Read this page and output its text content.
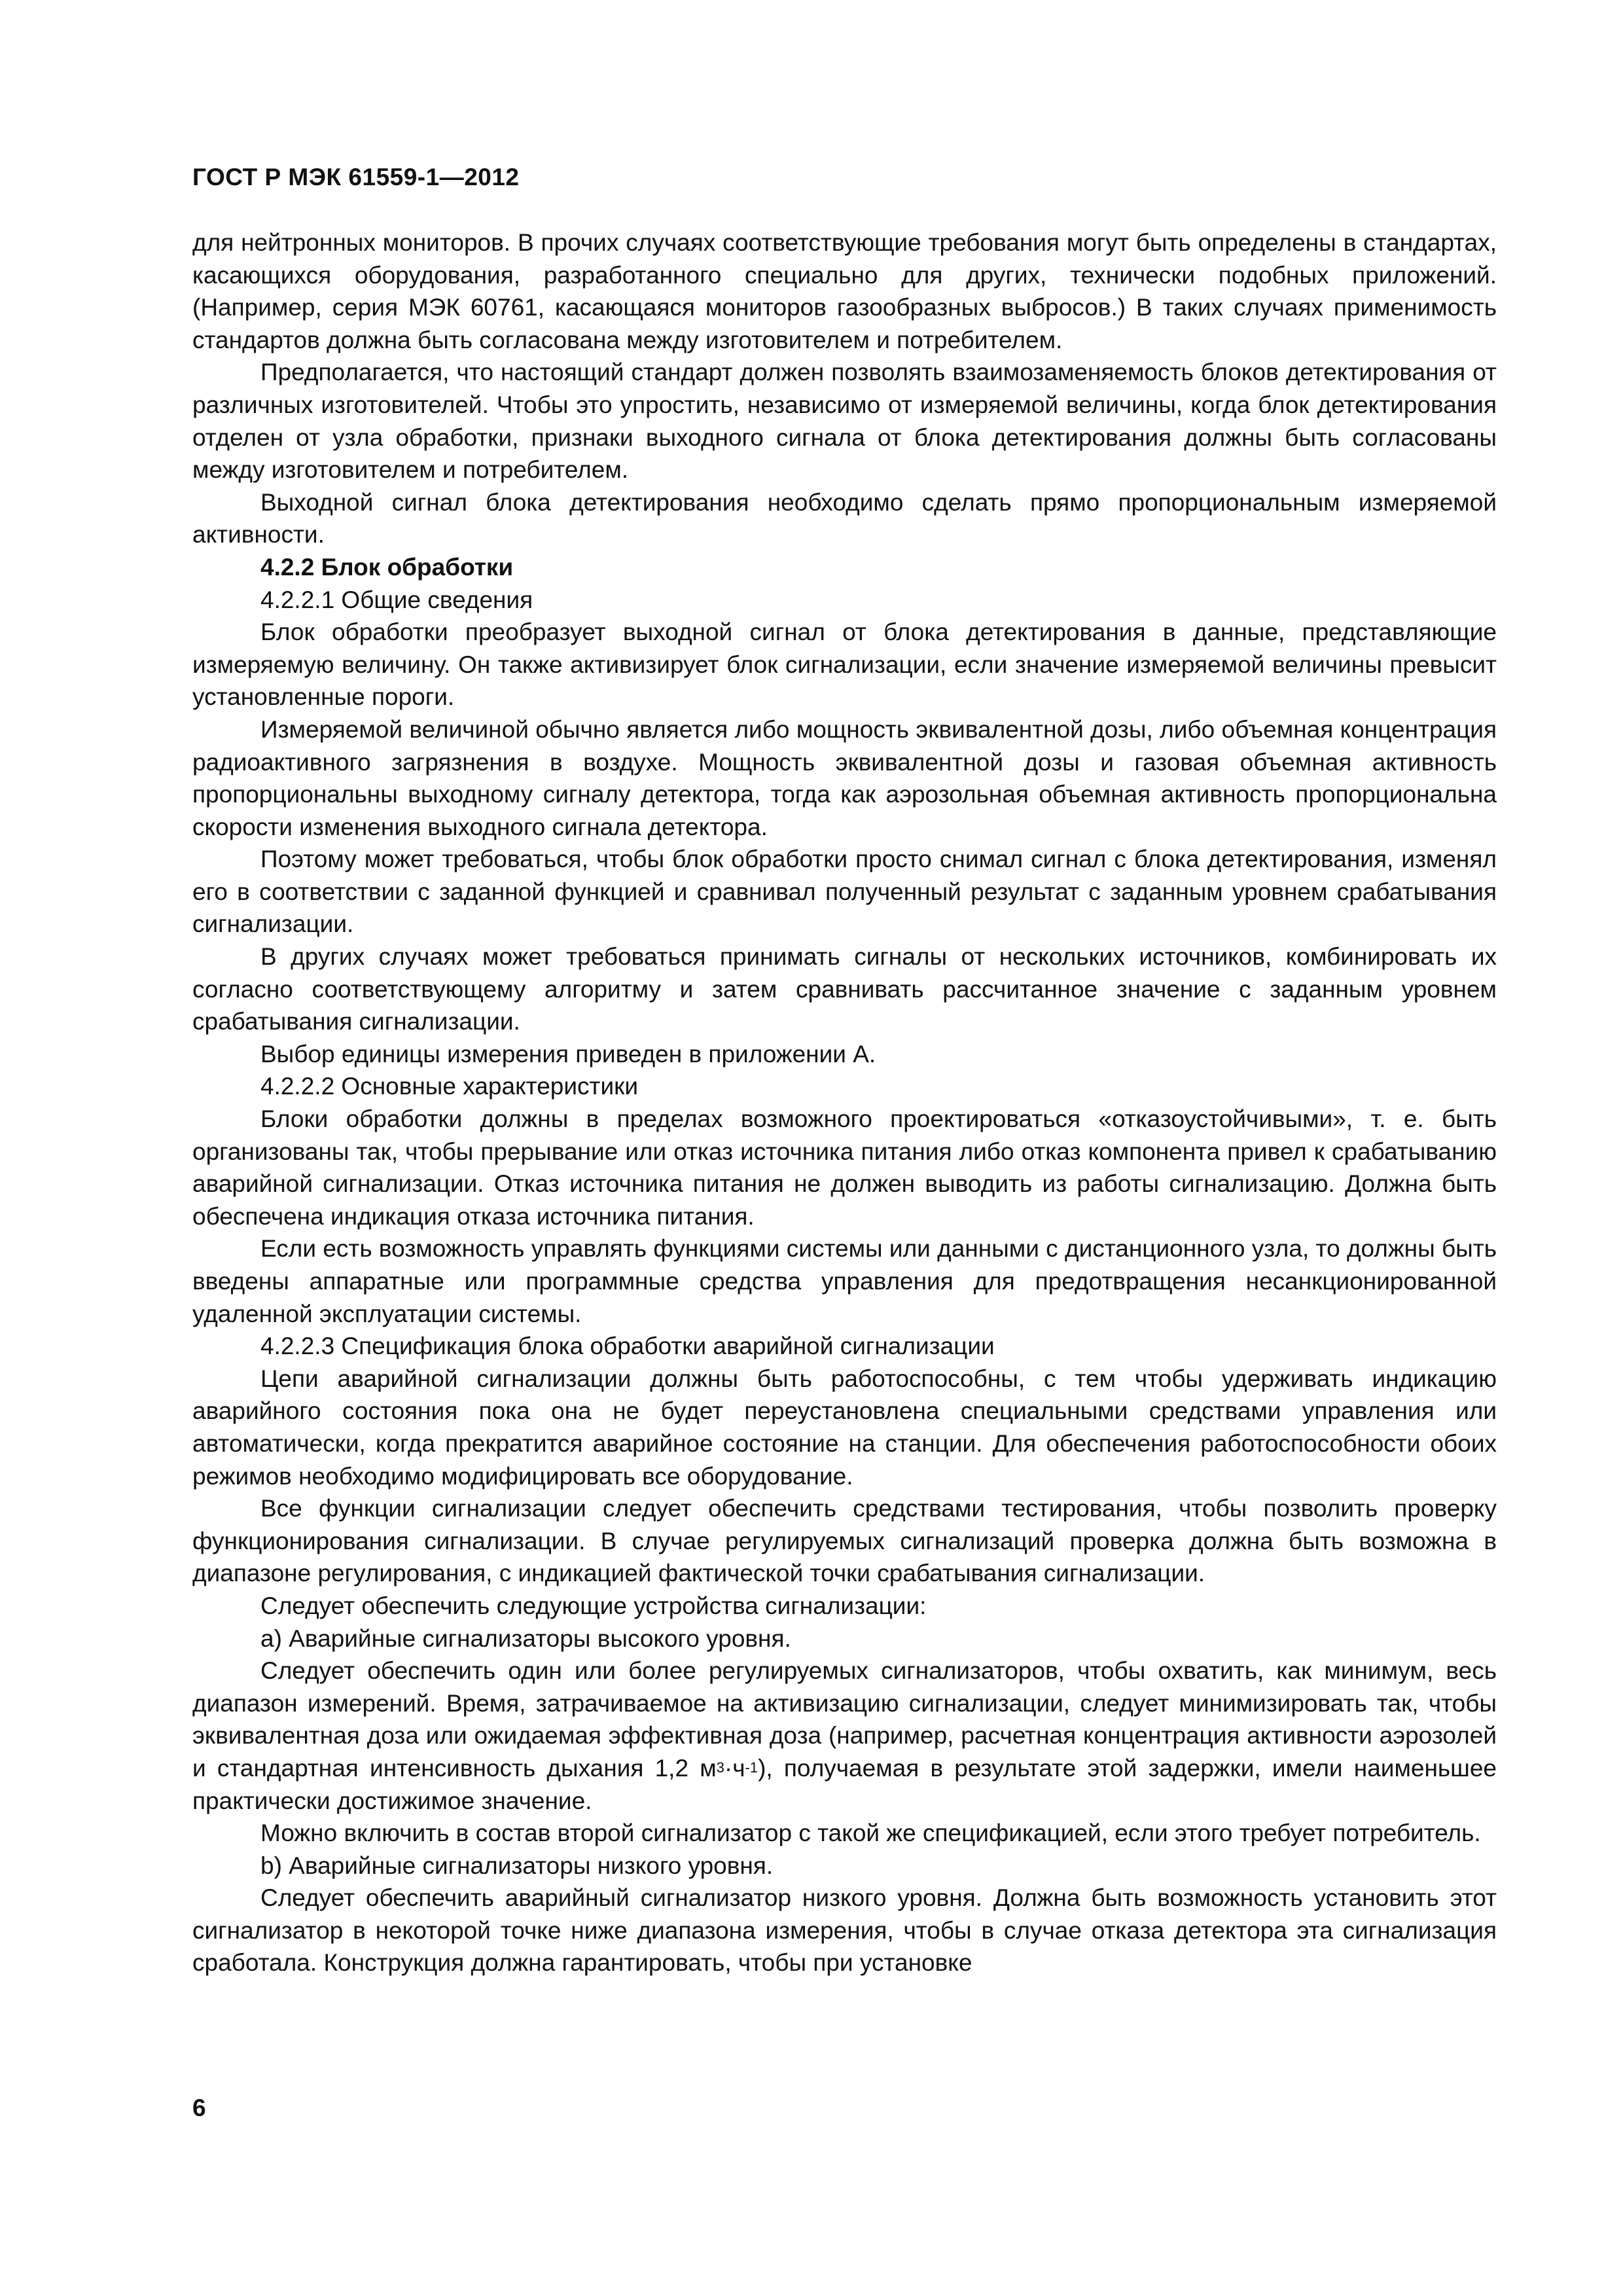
ГОСТ Р МЭК 61559-1—2012

для нейтронных мониторов. В прочих случаях соответствующие требования могут быть определены в стандартах, касающихся оборудования, разработанного специально для других, технически подобных приложений. (Например, серия МЭК 60761, касающаяся мониторов газообразных выбросов.) В таких случаях применимость стандартов должна быть согласована между изготовителем и потребителем.

Предполагается, что настоящий стандарт должен позволять взаимозаменяемость блоков детектирования от различных изготовителей. Чтобы это упростить, независимо от измеряемой величины, когда блок детектирования отделен от узла обработки, признаки выходного сигнала от блока детектирования должны быть согласованы между изготовителем и потребителем.

Выходной сигнал блока детектирования необходимо сделать прямо пропорциональным измеряемой активности.

4.2.2 Блок обработки

4.2.2.1 Общие сведения

Блок обработки преобразует выходной сигнал от блока детектирования в данные, представляющие измеряемую величину. Он также активизирует блок сигнализации, если значение измеряемой величины превысит установленные пороги.

Измеряемой величиной обычно является либо мощность эквивалентной дозы, либо объемная концентрация радиоактивного загрязнения в воздухе. Мощность эквивалентной дозы и газовая объемная активность пропорциональны выходному сигналу детектора, тогда как аэрозольная объемная активность пропорциональна скорости изменения выходного сигнала детектора.

Поэтому может требоваться, чтобы блок обработки просто снимал сигнал с блока детектирования, изменял его в соответствии с заданной функцией и сравнивал полученный результат с заданным уровнем срабатывания сигнализации.

В других случаях может требоваться принимать сигналы от нескольких источников, комбинировать их согласно соответствующему алгоритму и затем сравнивать рассчитанное значение с заданным уровнем срабатывания сигнализации.

Выбор единицы измерения приведен в приложении А.

4.2.2.2 Основные характеристики

Блоки обработки должны в пределах возможного проектироваться «отказоустойчивыми», т. е. быть организованы так, чтобы прерывание или отказ источника питания либо отказ компонента привел к срабатыванию аварийной сигнализации. Отказ источника питания не должен выводить из работы сигнализацию. Должна быть обеспечена индикация отказа источника питания.

Если есть возможность управлять функциями системы или данными с дистанционного узла, то должны быть введены аппаратные или программные средства управления для предотвращения несанкционированной удаленной эксплуатации системы.

4.2.2.3 Спецификация блока обработки аварийной сигнализации

Цепи аварийной сигнализации должны быть работоспособны, с тем чтобы удерживать индикацию аварийного состояния пока она не будет переустановлена специальными средствами управления или автоматически, когда прекратится аварийное состояние на станции. Для обеспечения работоспособности обоих режимов необходимо модифицировать все оборудование.

Все функции сигнализации следует обеспечить средствами тестирования, чтобы позволить проверку функционирования сигнализации. В случае регулируемых сигнализаций проверка должна быть возможна в диапазоне регулирования, с индикацией фактической точки срабатывания сигнализации.

Следует обеспечить следующие устройства сигнализации:

а) Аварийные сигнализаторы высокого уровня.

Следует обеспечить один или более регулируемых сигнализаторов, чтобы охватить, как минимум, весь диапазон измерений. Время, затрачиваемое на активизацию сигнализации, следует минимизировать так, чтобы эквивалентная доза или ожидаемая эффективная доза (например, расчетная концентрация активности аэрозолей и стандартная интенсивность дыхания 1,2 $м^3\cdot ч^{-1}$), получаемая в результате этой задержки, имели наименьшее практически достижимое значение.

Можно включить в состав второй сигнализатор с такой же спецификацией, если этого требует потребитель.

b) Аварийные сигнализаторы низкого уровня.

Следует обеспечить аварийный сигнализатор низкого уровня. Должна быть возможность установить этот сигнализатор в некоторой точке ниже диапазона измерения, чтобы в случае отказа детектора эта сигнализация сработала. Конструкция должна гарантировать, чтобы при установке

6
